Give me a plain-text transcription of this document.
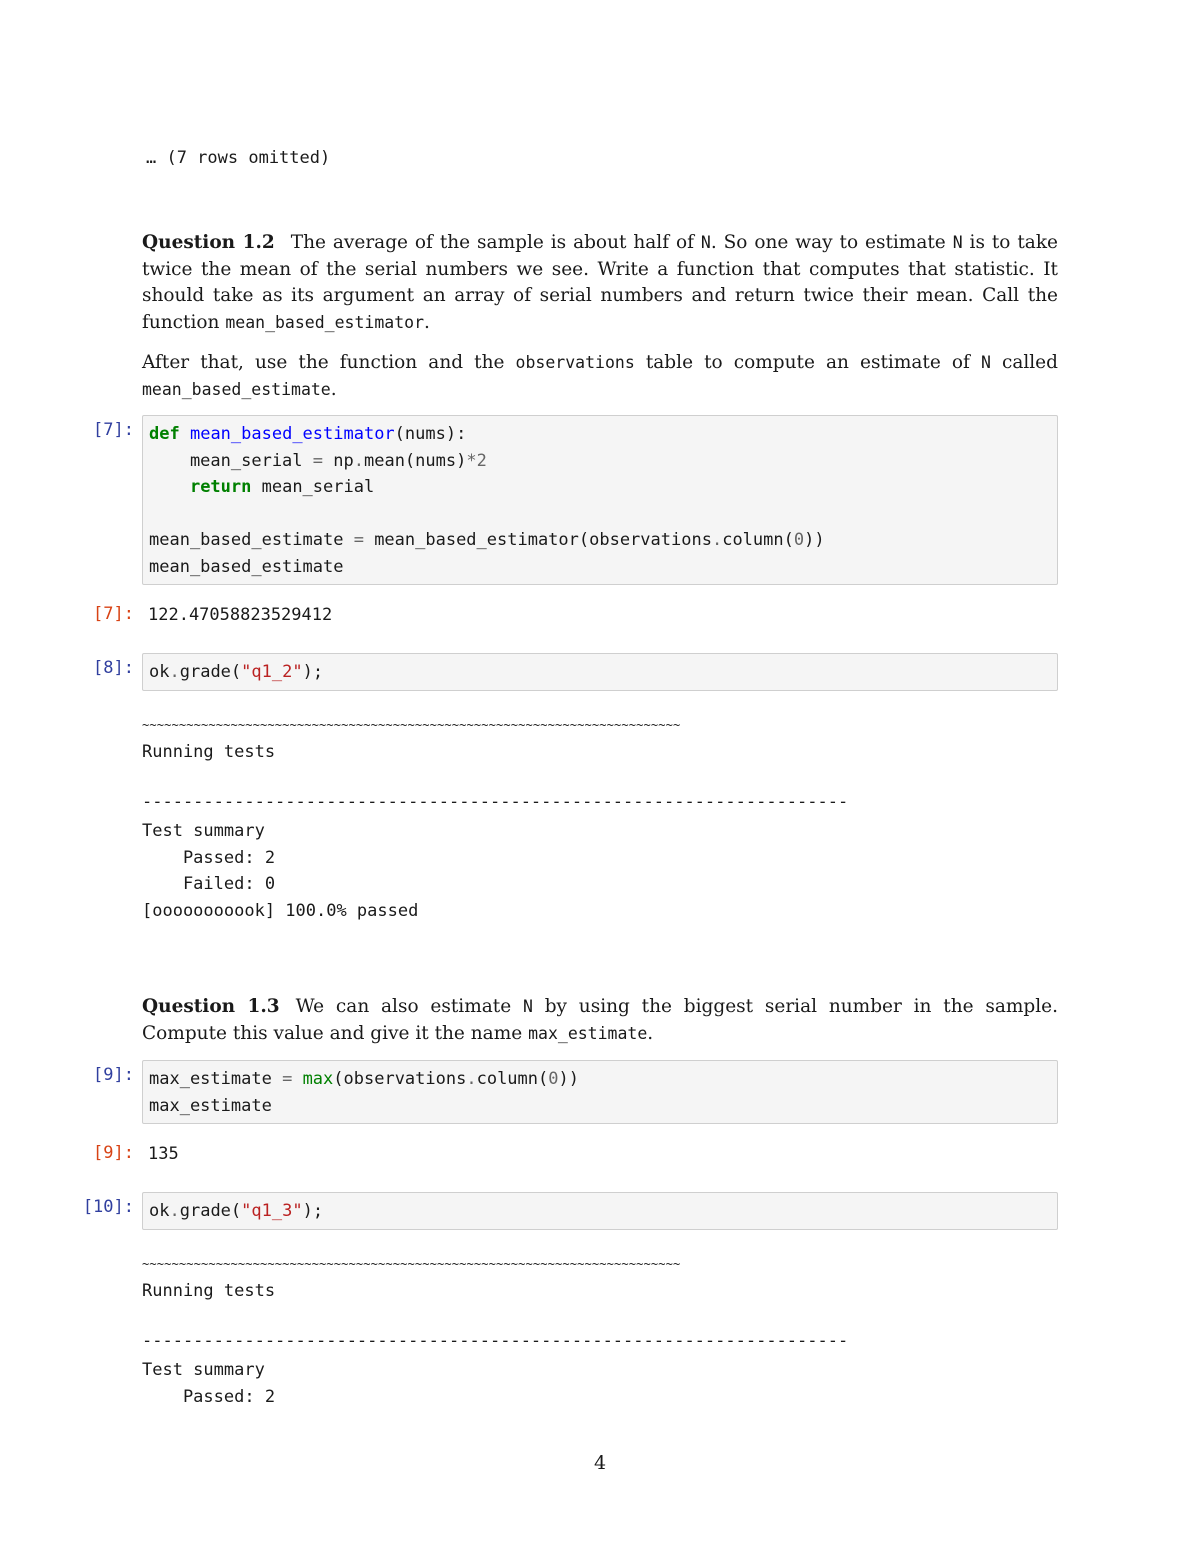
… (7 rows omitted)
Question 1.2 The average of the sample is about half of N. So one way to estimate N is to take twice the mean of the serial numbers we see. Write a function that computes that statistic. It should take as its argument an array of serial numbers and return twice their mean. Call the function mean_based_estimator.
After that, use the function and the observations table to compute an estimate of N called mean_based_estimate.
[7]: def mean_based_estimator(nums):
mean_serial = np.mean(nums)*2
return mean_serial

mean_based_estimate = mean_based_estimator(observations.column(0))
mean_based_estimate
[7]: 122.47058823529412
[8]: ok.grade("q1_2");
~~~~~~~~~~~~~~~~~~~~~~~~~~~~~~~~~~~~~~~~~~~~~~~~~~~~~~~~~~~~~~~~~~~~~~~~~
Running tests
---------------------------------------------------------------------
Test summary
Passed: 2
Failed: 0
[ooooooooook] 100.0% passed
Question 1.3 We can also estimate N by using the biggest serial number in the sample. Compute this value and give it the name max_estimate.
[9]: max_estimate = max(observations.column(0))
max_estimate
[9]: 135
[10]: ok.grade("q1_3");
~~~~~~~~~~~~~~~~~~~~~~~~~~~~~~~~~~~~~~~~~~~~~~~~~~~~~~~~~~~~~~~~~~~~~~~~~
Running tests
---------------------------------------------------------------------
Test summary
Passed: 2
4
